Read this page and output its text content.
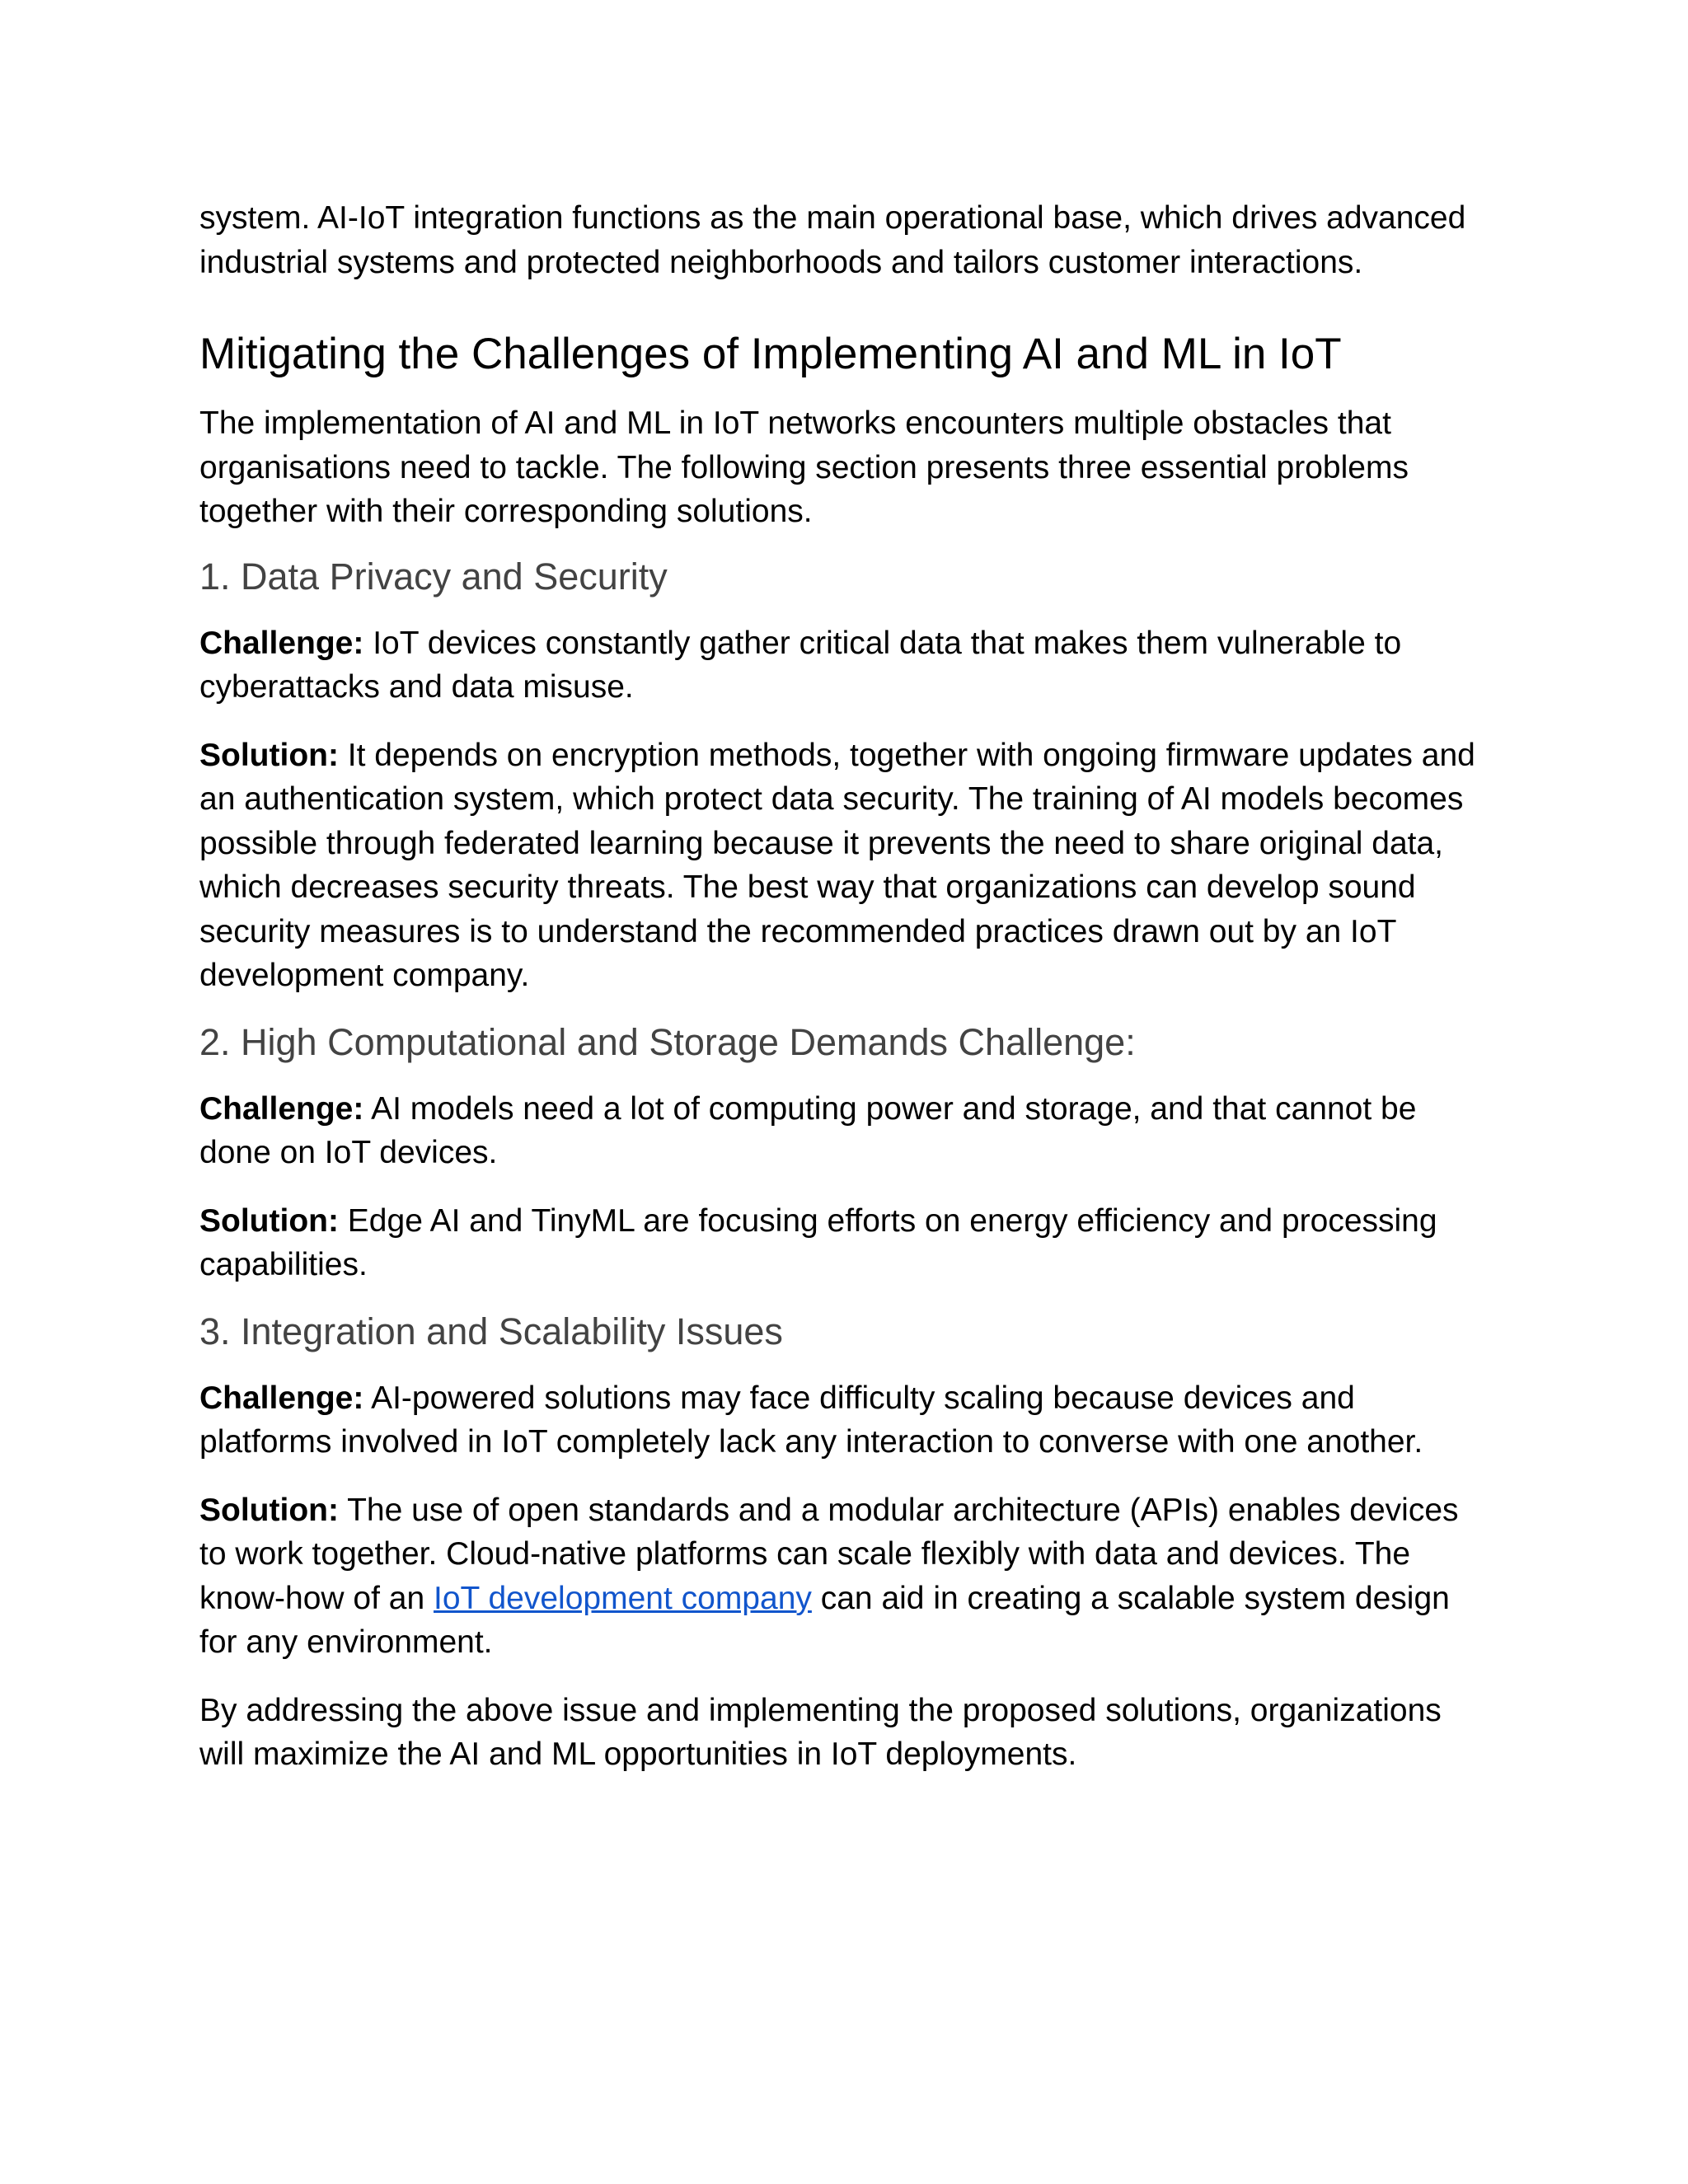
system. AI-IoT integration functions as the main operational base, which drives advanced industrial systems and protected neighborhoods and tailors customer interactions.

Mitigating the Challenges of Implementing AI and ML in IoT

The implementation of AI and ML in IoT networks encounters multiple obstacles that organisations need to tackle. The following section presents three essential problems together with their corresponding solutions.

1. Data Privacy and Security

Challenge: IoT devices constantly gather critical data that makes them vulnerable to cyberattacks and data misuse.

Solution: It depends on encryption methods, together with ongoing firmware updates and an authentication system, which protect data security. The training of AI models becomes possible through federated learning because it prevents the need to share original data, which decreases security threats. The best way that organizations can develop sound security measures is to understand the recommended practices drawn out by an IoT development company.

2. High Computational and Storage Demands Challenge:

Challenge: AI models need a lot of computing power and storage, and that cannot be done on IoT devices.

Solution: Edge AI and TinyML are focusing efforts on energy efficiency and processing capabilities.

3. Integration and Scalability Issues

Challenge: AI-powered solutions may face difficulty scaling because devices and platforms involved in IoT completely lack any interaction to converse with one another.

Solution: The use of open standards and a modular architecture (APIs) enables devices to work together. Cloud-native platforms can scale flexibly with data and devices. The know-how of an IoT development company can aid in creating a scalable system design for any environment.

By addressing the above issue and implementing the proposed solutions, organizations will maximize the AI and ML opportunities in IoT deployments.
